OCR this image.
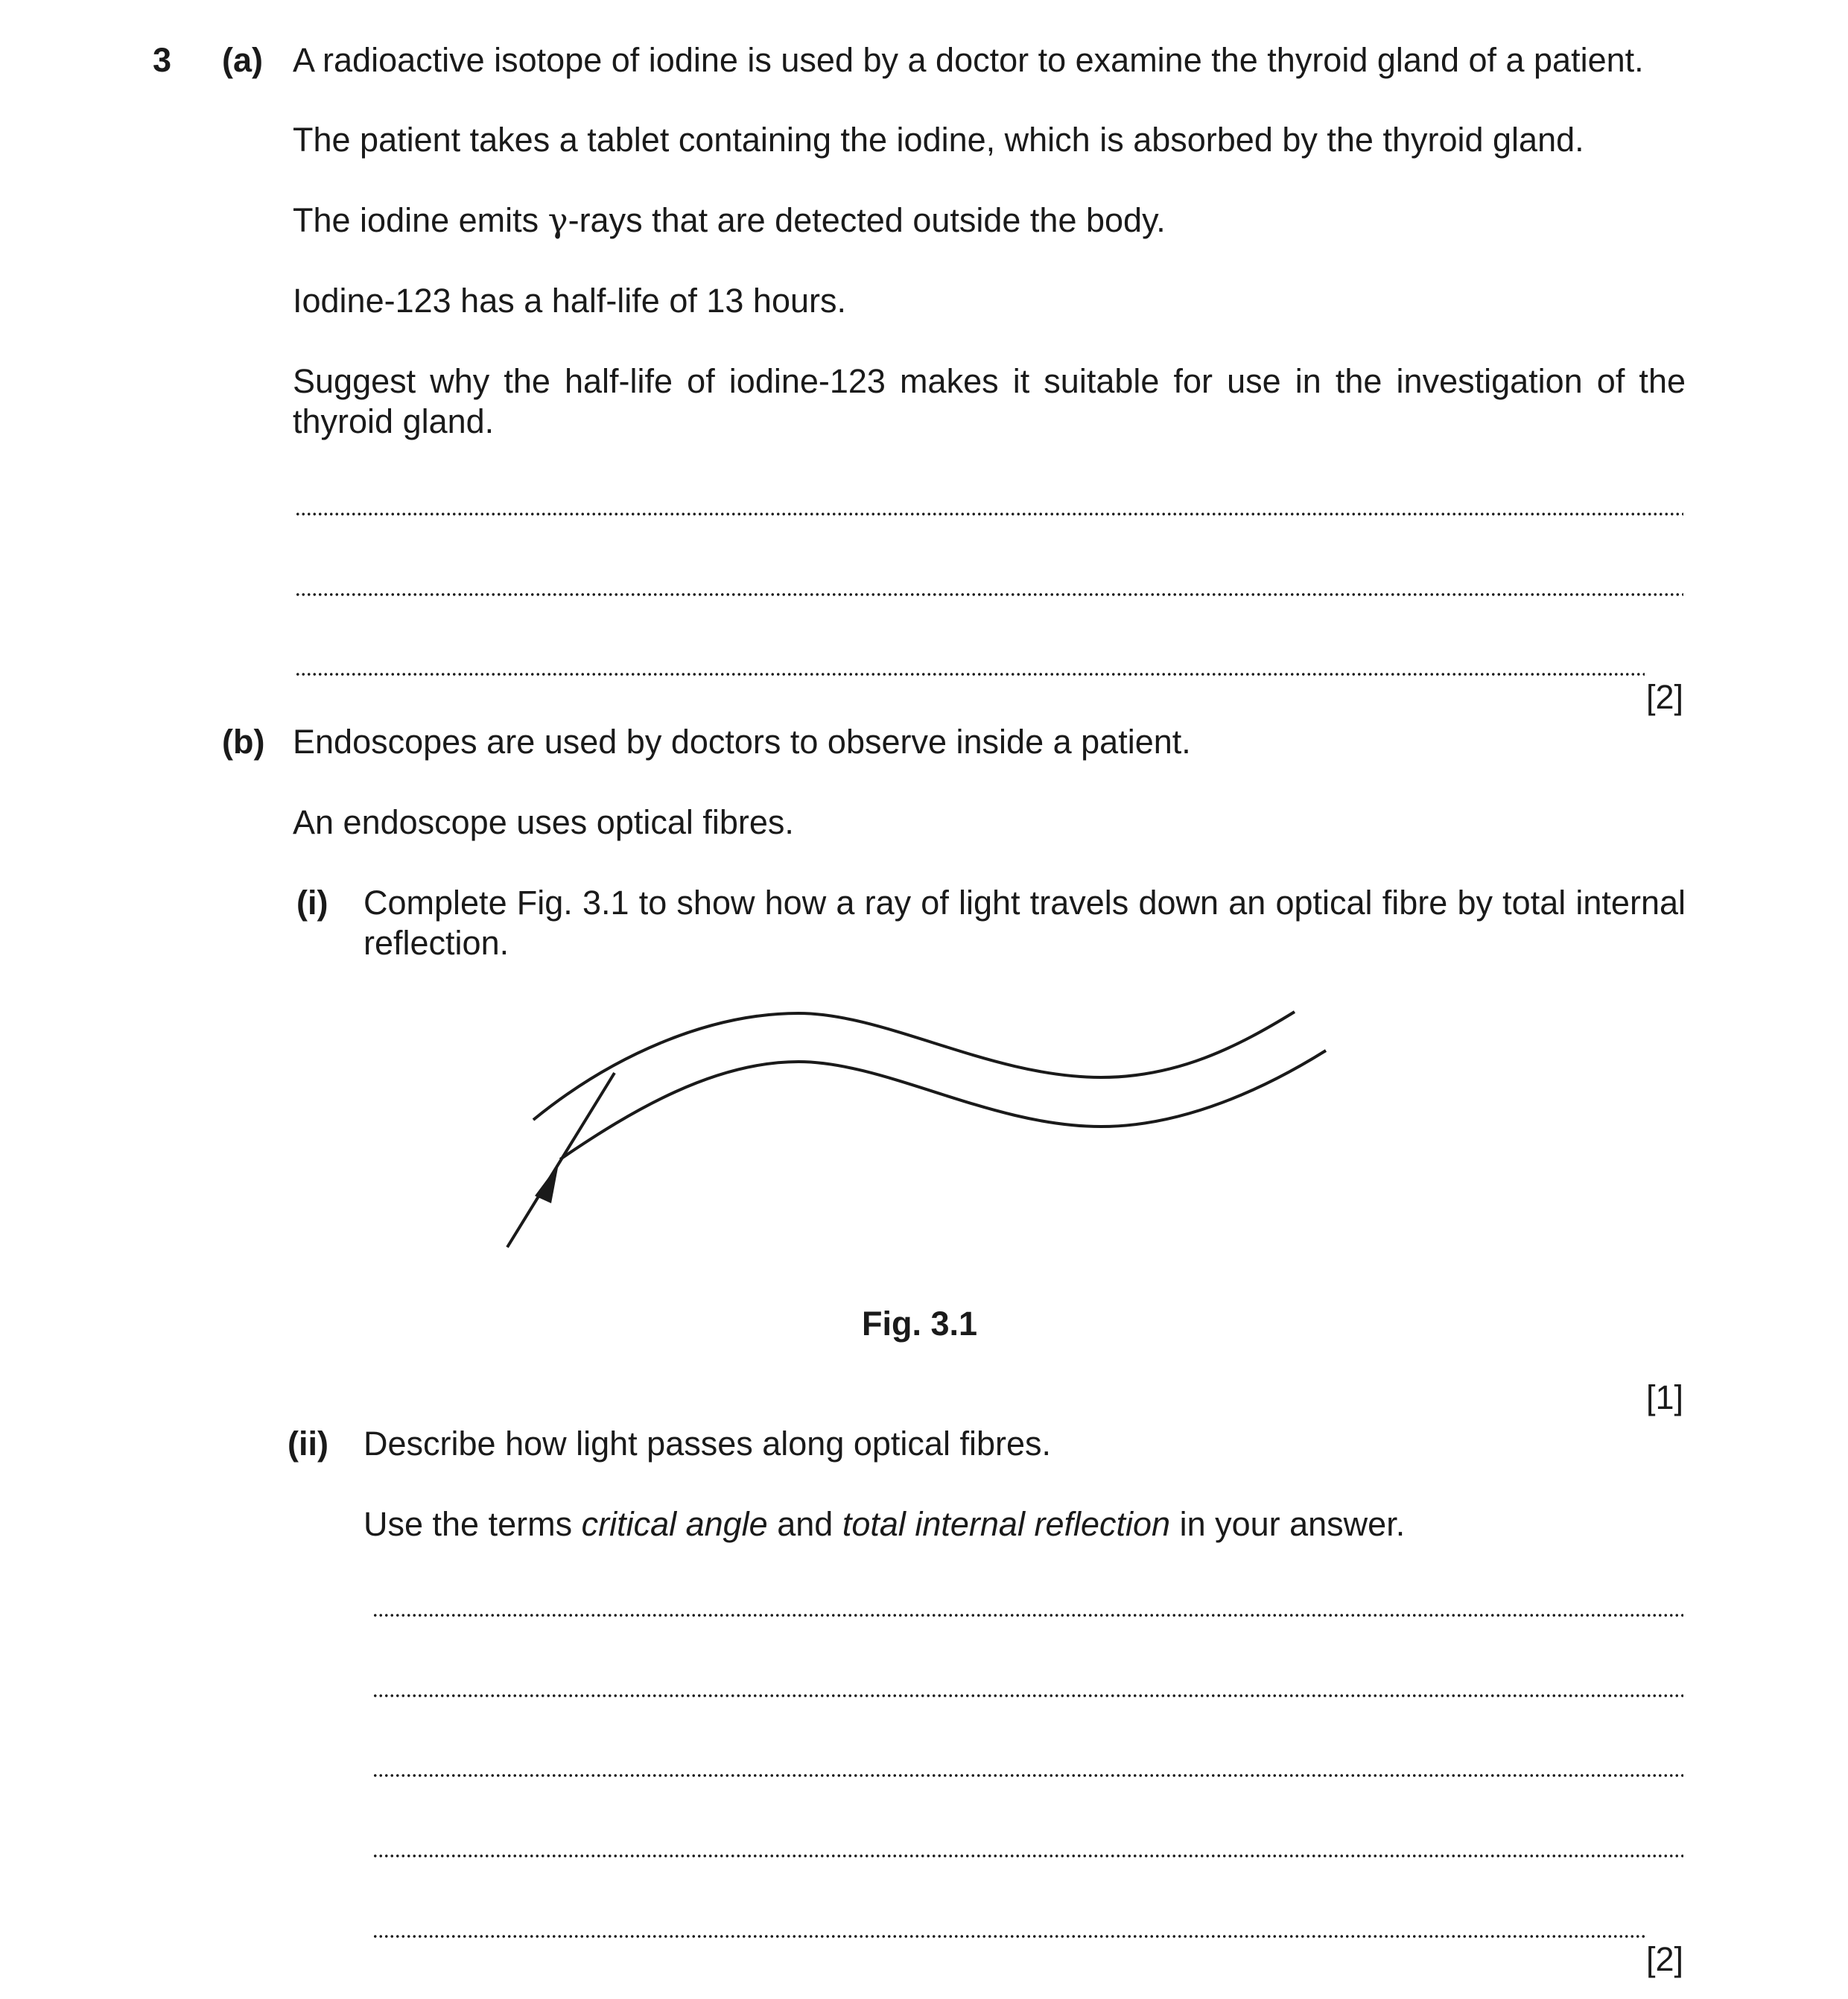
3 (a) A radioactive isotope of iodine is used by a doctor to examine the thyroid gland of a patient.

The patient takes a tablet containing the iodine, which is absorbed by the thyroid gland.

The iodine emits γ-rays that are detected outside the body.

Iodine-123 has a half-life of 13 hours.

Suggest why the half-life of iodine-123 makes it suitable for use in the investigation of the thyroid gland.

[2]

(b) Endoscopes are used by doctors to observe inside a patient.

An endoscope uses optical fibres.

(i) Complete Fig. 3.1 to show how a ray of light travels down an optical fibre by total internal reflection.

Fig. 3.1

[1]

(ii) Describe how light passes along optical fibres.

Use the terms critical angle and total internal reflection in your answer.

[2]
